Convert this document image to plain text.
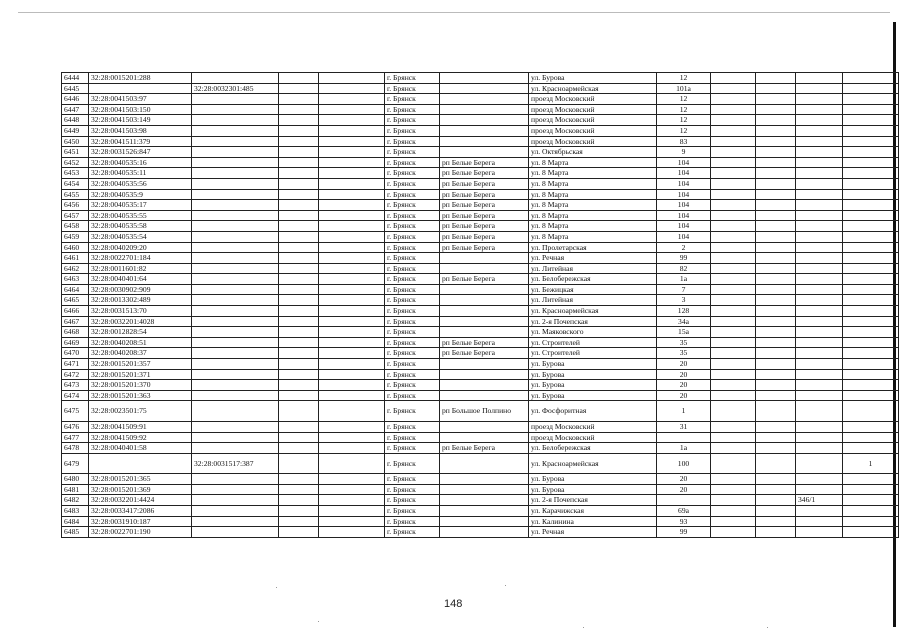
6444	32:28:0015201:288				г. Брянск		ул. Бурова	12				
6445		32:28:0032301:485			г. Брянск		ул. Красноармейская	101а				
6446	32:28:0041503:97				г. Брянск		проезд Московский	12				
6447	32:28:0041503:150				г. Брянск		проезд Московский	12				
6448	32:28:0041503:149				г. Брянск		проезд Московский	12				
6449	32:28:0041503:98				г. Брянск		проезд Московский	12				
6450	32:28:0041511:379				г. Брянск		проезд Московский	83				
6451	32:28:0031526:847				г. Брянск		ул. Октябрьская	9				
6452	32:28:0040535:16				г. Брянск	рп Белые Берега	ул. 8 Марта	104				
6453	32:28:0040535:11				г. Брянск	рп Белые Берега	ул. 8 Марта	104				
6454	32:28:0040535:56				г. Брянск	рп Белые Берега	ул. 8 Марта	104				
6455	32:28:0040535:9				г. Брянск	рп Белые Берега	ул. 8 Марта	104				
6456	32:28:0040535:17				г. Брянск	рп Белые Берега	ул. 8 Марта	104				
6457	32:28:0040535:55				г. Брянск	рп Белые Берега	ул. 8 Марта	104				
6458	32:28:0040535:58				г. Брянск	рп Белые Берега	ул. 8 Марта	104				
6459	32:28:0040535:54				г. Брянск	рп Белые Берега	ул. 8 Марта	104				
6460	32:28:0040209:20				г. Брянск	рп Белые Берега	ул. Пролетарская	2				
6461	32:28:0022701:184				г. Брянск		ул. Речная	99				
6462	32:28:0011601:82				г. Брянск		ул. Литейная	82				
6463	32:28:0040401:64				г. Брянск	рп Белые Берега	ул. Белобережская	1а				
6464	32:28:0030902:909				г. Брянск		ул. Бежицкая	7				
6465	32:28:0013302:489				г. Брянск		ул. Литейная	3				
6466	32:28:0031513:70				г. Брянск		ул. Красноармейская	128				
6467	32:28:0032201:4028				г. Брянск		ул. 2-я Почепская	34а				
6468	32:28:0012828:54				г. Брянск		ул. Маяковского	15а				
6469	32:28:0040208:51				г. Брянск	рп Белые Берега	ул. Строителей	35				
6470	32:28:0040208:37				г. Брянск	рп Белые Берега	ул. Строителей	35				
6471	32:28:0015201:357				г. Брянск		ул. Бурова	20				
6472	32:28:0015201:371				г. Брянск		ул. Бурова	20				
6473	32:28:0015201:370				г. Брянск		ул. Бурова	20				
6474	32:28:0015201:363				г. Брянск		ул. Бурова	20				
6475	32:28:0023501:75				г. Брянск	рп Большое Полпино	ул. Фосфоритная	1				
6476	32:28:0041509:91				г. Брянск		проезд Московский	31				
6477	32:28:0041509:92				г. Брянск		проезд Московский					
6478	32:28:0040401:58				г. Брянск	рп Белые Берега	ул. Белобережская	1а				
6479		32:28:0031517:387			г. Брянск		ул. Красноармейская	100				1
6480	32:28:0015201:365				г. Брянск		ул. Бурова	20				
6481	32:28:0015201:369				г. Брянск		ул. Бурова	20				
6482	32:28:0032201:4424				г. Брянск		ул. 2-я Почепская				346/1	
6483	32:28:0033417:2086				г. Брянск		ул. Карачижская	69а				
6484	32:28:0031910:187				г. Брянск		ул. Калинина	93				
6485	32:28:0022701:190				г. Брянск		ул. Речная	99				
148
